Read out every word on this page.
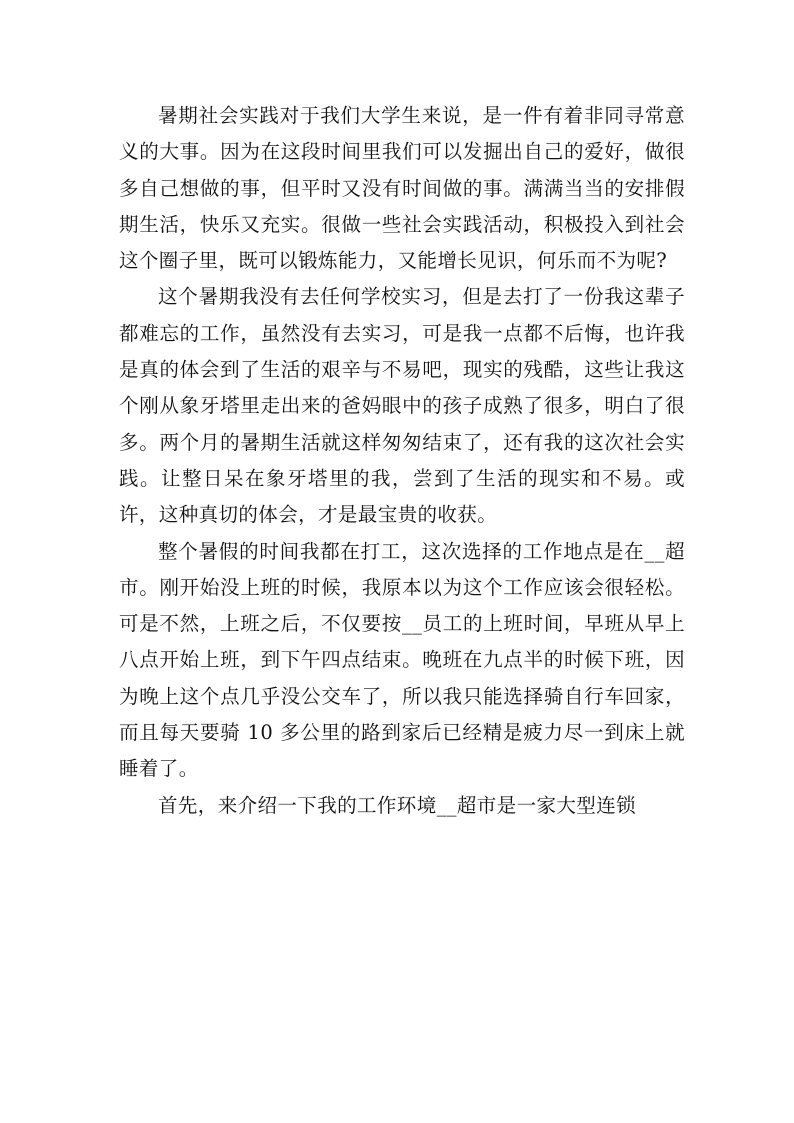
暑期社会实践对于我们大学生来说，是一件有着非同寻常意义的大事。因为在这段时间里我们可以发掘出自己的爱好，做很多自己想做的事，但平时又没有时间做的事。满满当当的安排假期生活，快乐又充实。很做一些社会实践活动，积极投入到社会这个圈子里，既可以锻炼能力，又能增长见识，何乐而不为呢?

这个暑期我没有去任何学校实习，但是去打了一份我这辈子都难忘的工作，虽然没有去实习，可是我一点都不后悔，也许我是真的体会到了生活的艰辛与不易吧，现实的残酷，这些让我这个刚从象牙塔里走出来的爸妈眼中的孩子成熟了很多，明白了很多。两个月的暑期生活就这样匆匆结束了，还有我的这次社会实践。让整日呆在象牙塔里的我，尝到了生活的现实和不易。或许，这种真切的体会，才是最宝贵的收获。

整个暑假的时间我都在打工，这次选择的工作地点是在__超市。刚开始没上班的时候，我原本以为这个工作应该会很轻松。可是不然，上班之后，不仅要按__员工的上班时间，早班从早上八点开始上班，到下午四点结束。晚班在九点半的时候下班，因为晚上这个点几乎没公交车了，所以我只能选择骑自行车回家，而且每天要骑 10 多公里的路到家后已经精是疲力尽一到床上就睡着了。

首先，来介绍一下我的工作环境__超市是一家大型连锁
